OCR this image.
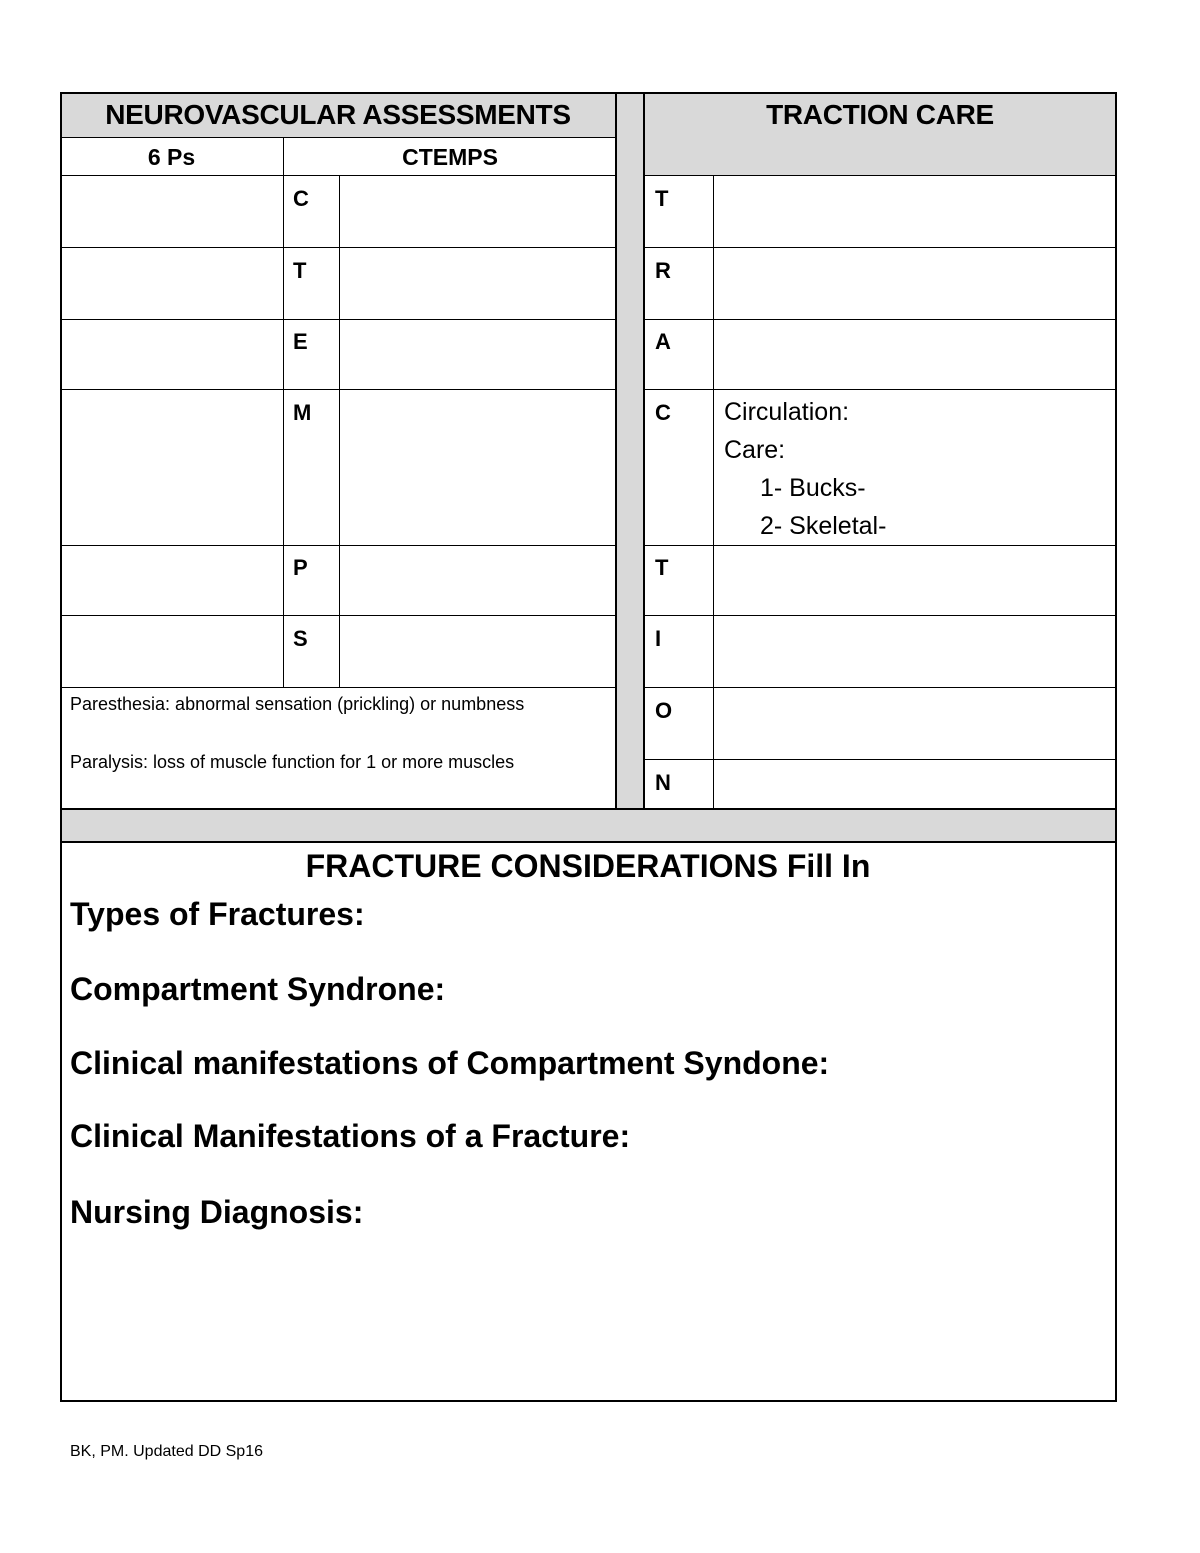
NEUROVASCULAR ASSESSMENTS
6 Ps	CTEMPS
C
T
E
M
P
S
Paresthesia: abnormal sensation (prickling) or numbness
Paralysis: loss of muscle function for 1 or more muscles
TRACTION CARE
T
R
A
C
T
I
O
N
Circulation:
Care:
1- Bucks-
2- Skeletal-
FRACTURE CONSIDERATIONS Fill In
Types of Fractures:
Compartment Syndrone:
Clinical manifestations of Compartment Syndone:
Clinical Manifestations of a Fracture:
Nursing Diagnosis:
BK, PM. Updated DD Sp16
